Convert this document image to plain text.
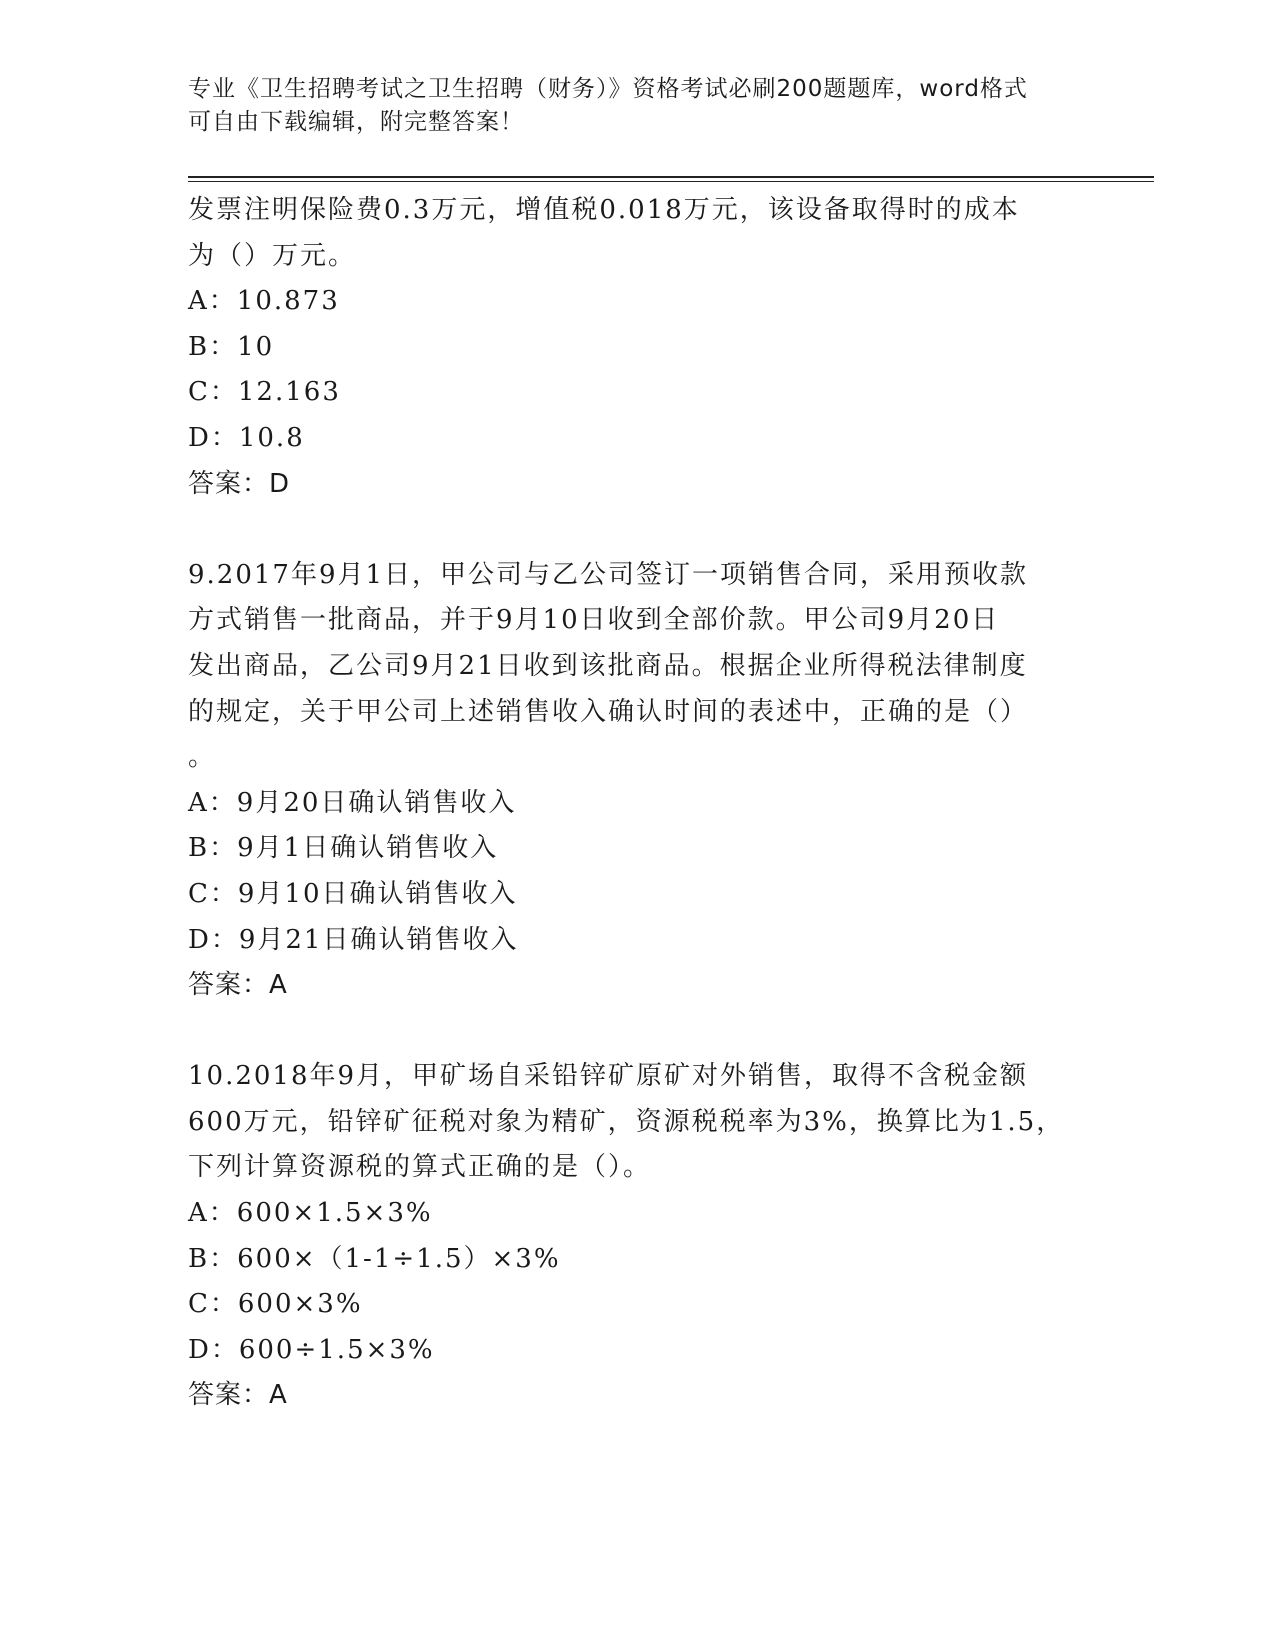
专业《卫生招聘考试之卫生招聘（财务）》资格考试必刷200题题库，word格式
可自由下载编辑，附完整答案！
发票注明保险费0.3万元，增值税0.018万元，该设备取得时的成本
为（）万元。
A：10.873
B：10
C：12.163
D：10.8
答案：D
9.2017年9月1日，甲公司与乙公司签订一项销售合同，采用预收款
方式销售一批商品，并于9月10日收到全部价款。甲公司9月20日
发出商品，乙公司9月21日收到该批商品。根据企业所得税法律制度
的规定，关于甲公司上述销售收入确认时间的表述中，正确的是（）
。
A：9月20日确认销售收入
B：9月1日确认销售收入
C：9月10日确认销售收入
D：9月21日确认销售收入
答案：A
10.2018年9月，甲矿场自采铅锌矿原矿对外销售，取得不含税金额
600万元，铅锌矿征税对象为精矿，资源税税率为3%，换算比为1.5，
下列计算资源税的算式正确的是（）。
A：600×1.5×3%
B：600×（1-1÷1.5）×3%
C：600×3%
D：600÷1.5×3%
答案：A
